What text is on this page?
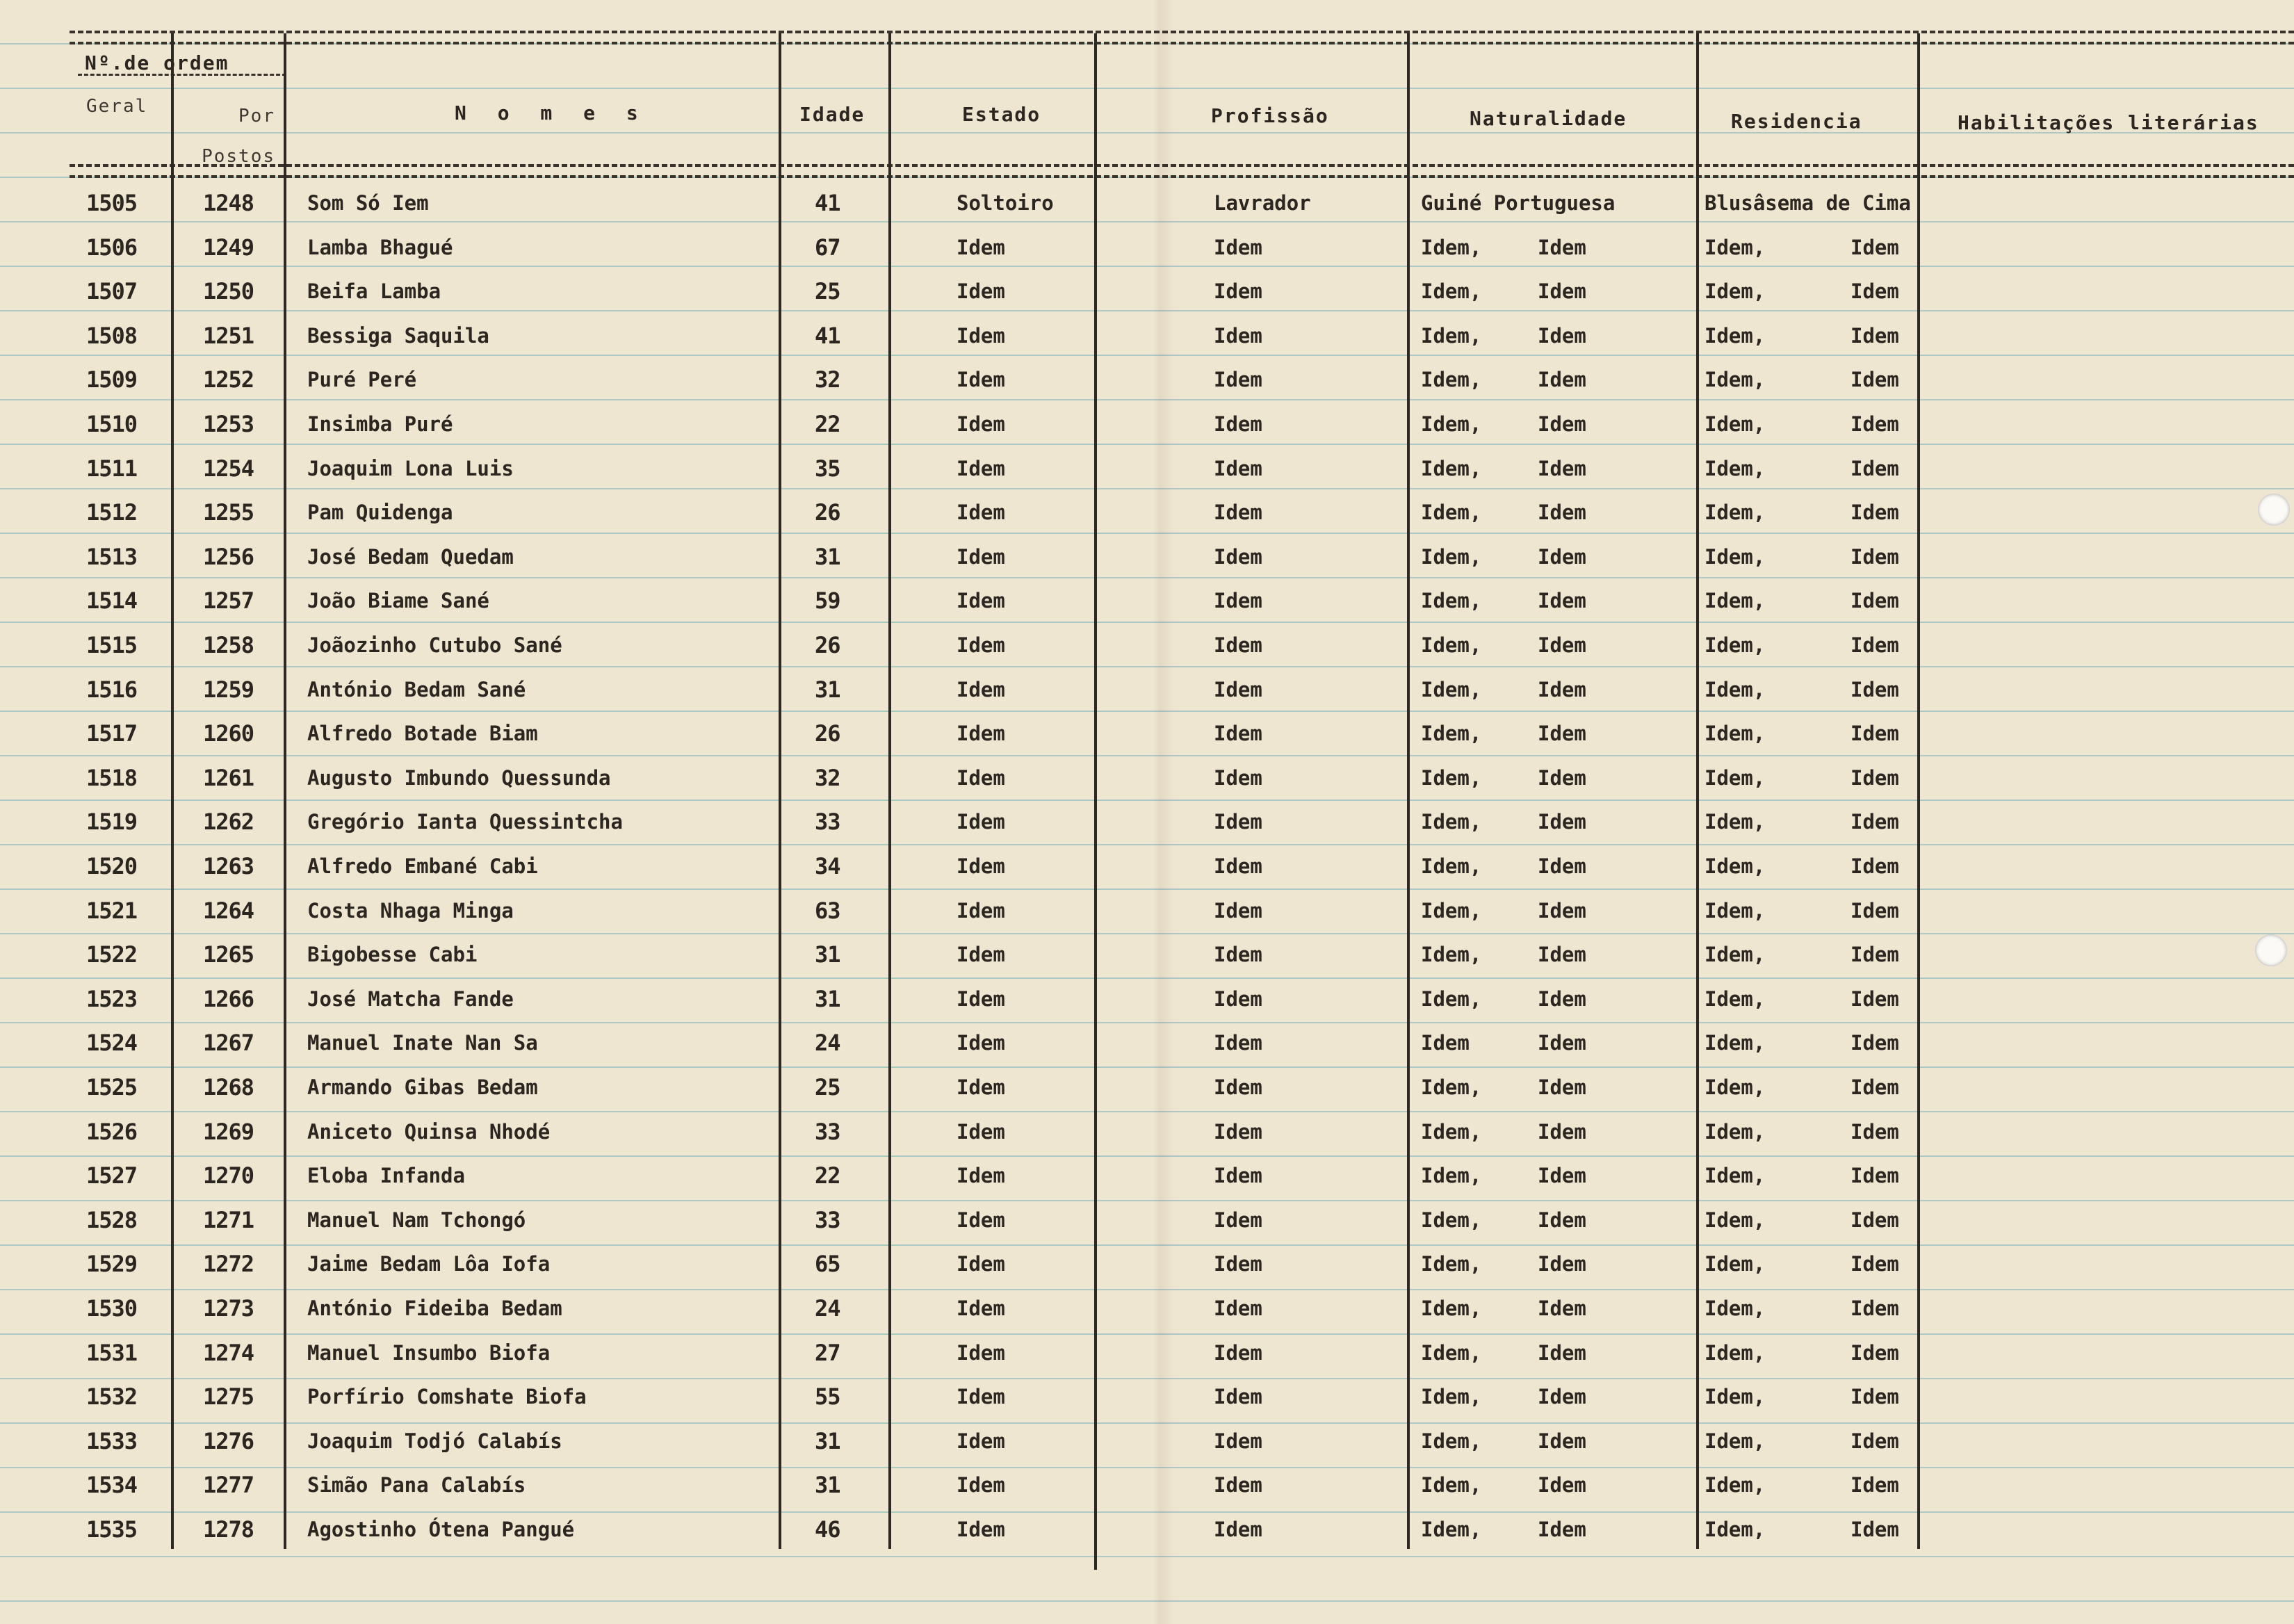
Nº.de ordem
Geral	Por Postos
N o m e s	Idade	Estado	Profissão	Naturalidade	Residencia	Habilitações literárias
1505	1248	Som Só Iem	41	Soltoiro	Lavrador	Guiné Portuguesa	Blusâsema de Cima
1506	1249	Lamba Bhagué	67	Idem	Idem	Idem,	Idem	Idem,	Idem
1507	1250	Beifa Lamba	25	Idem	Idem	Idem,	Idem	Idem,	Idem
1508	1251	Bessiga Saquila	41	Idem	Idem	Idem,	Idem	Idem,	Idem
1509	1252	Puré Peré	32	Idem	Idem	Idem,	Idem	Idem,	Idem
1510	1253	Insimba Puré	22	Idem	Idem	Idem,	Idem	Idem,	Idem
1511	1254	Joaquim Lona Luis	35	Idem	Idem	Idem,	Idem	Idem,	Idem
1512	1255	Pam Quidenga	26	Idem	Idem	Idem,	Idem	Idem,	Idem
1513	1256	José Bedam Quedam	31	Idem	Idem	Idem,	Idem	Idem,	Idem
1514	1257	João Biame Sané	59	Idem	Idem	Idem,	Idem	Idem,	Idem
1515	1258	Joãozinho Cutubo Sané	26	Idem	Idem	Idem,	Idem	Idem,	Idem
1516	1259	António Bedam Sané	31	Idem	Idem	Idem,	Idem	Idem,	Idem
1517	1260	Alfredo Botade Biam	26	Idem	Idem	Idem,	Idem	Idem,	Idem
1518	1261	Augusto Imbundo Quessunda	32	Idem	Idem	Idem,	Idem	Idem,	Idem
1519	1262	Gregório Ianta Quessintcha	33	Idem	Idem	Idem,	Idem	Idem,	Idem
1520	1263	Alfredo Embané Cabi	34	Idem	Idem	Idem,	Idem	Idem,	Idem
1521	1264	Costa Nhaga Minga	63	Idem	Idem	Idem,	Idem	Idem,	Idem
1522	1265	Bigobesse Cabi	31	Idem	Idem	Idem,	Idem	Idem,	Idem
1523	1266	José Matcha Fande	31	Idem	Idem	Idem,	Idem	Idem,	Idem
1524	1267	Manuel Inate Nan Sa	24	Idem	Idem	Idem	Idem	Idem,	Idem
1525	1268	Armando Gibas Bedam	25	Idem	Idem	Idem,	Idem	Idem,	Idem
1526	1269	Aniceto Quinsa Nhodé	33	Idem	Idem	Idem,	Idem	Idem,	Idem
1527	1270	Eloba Infanda	22	Idem	Idem	Idem,	Idem	Idem,	Idem
1528	1271	Manuel Nam Tchongó	33	Idem	Idem	Idem,	Idem	Idem,	Idem
1529	1272	Jaime Bedam Lôa Iofa	65	Idem	Idem	Idem,	Idem	Idem,	Idem
1530	1273	António Fideiba Bedam	24	Idem	Idem	Idem,	Idem	Idem,	Idem
1531	1274	Manuel Insumbo Biofa	27	Idem	Idem	Idem,	Idem	Idem,	Idem
1532	1275	Porfírio Comshate Biofa	55	Idem	Idem	Idem,	Idem	Idem,	Idem
1533	1276	Joaquim Todjó Calabís	31	Idem	Idem	Idem,	Idem	Idem,	Idem
1534	1277	Simão Pana Calabís	31	Idem	Idem	Idem,	Idem	Idem,	Idem
1535	1278	Agostinho Ótena Pangué	46	Idem	Idem	Idem,	Idem	Idem,	Idem
